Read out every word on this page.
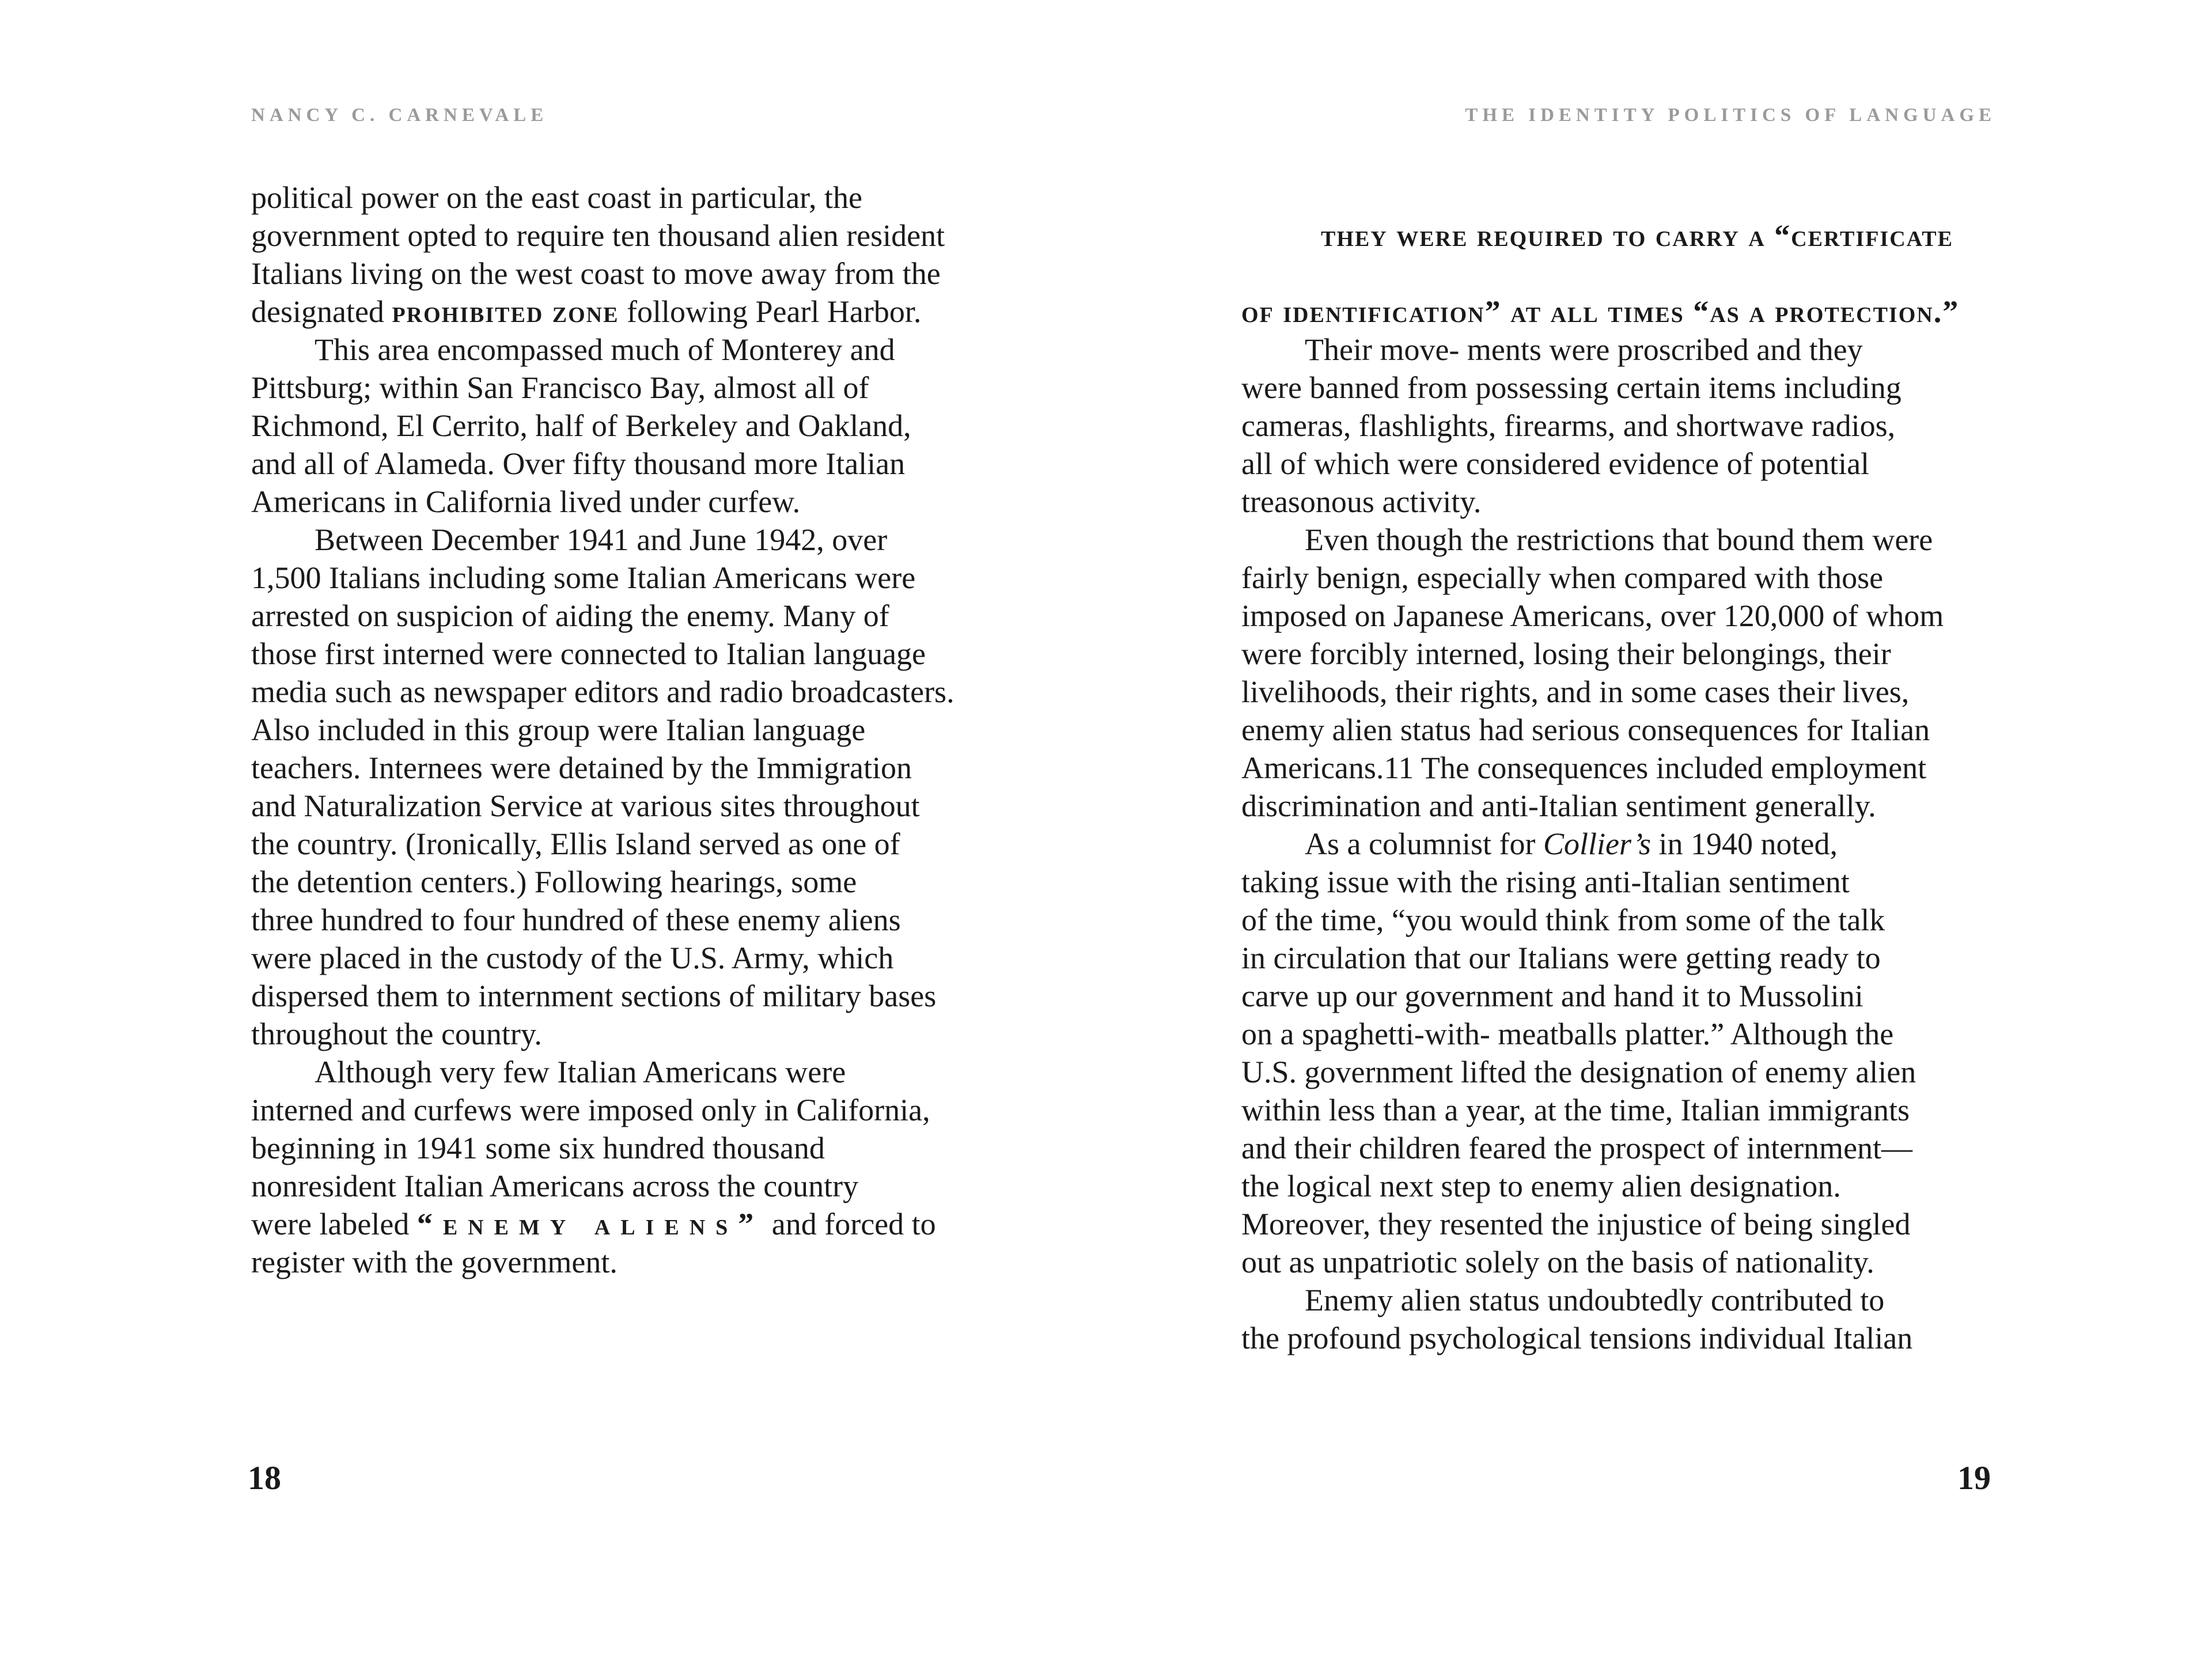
NANCY C. CARNEVALE	THE IDENTITY POLITICS OF LANGUAGE

political power on the east coast in particular, the
government opted to require ten thousand alien resident
Italians living on the west coast to move away from the
designated prohibited zone following Pearl Harbor.

This area encompassed much of Monterey and
Pittsburg; within San Francisco Bay, almost all of
Richmond, El Cerrito, half of Berkeley and Oakland,
and all of Alameda. Over fifty thousand more Italian
Americans in California lived under curfew.

Between December 1941 and June 1942, over
1,500 Italians including some Italian Americans were
arrested on suspicion of aiding the enemy. Many of
those first interned were connected to Italian language
media such as newspaper editors and radio broadcasters.
Also included in this group were Italian language
teachers. Internees were detained by the Immigration
and Naturalization Service at various sites throughout
the country. (Ironically, Ellis Island served as one of
the detention centers.) Following hearings, some
three hundred to four hundred of these enemy aliens
were placed in the custody of the U.S. Army, which
dispersed them to internment sections of military bases
throughout the country.

Although very few Italian Americans were
interned and curfews were imposed only in California,
beginning in 1941 some six hundred thousand
nonresident Italian Americans across the country
were labeled “enemy aliens” and forced to
register with the government.

they were required to carry a “certificate

of identification” at all times “as a protection.”

Their move- ments were proscribed and they
were banned from possessing certain items including
cameras, flashlights, firearms, and shortwave radios,
all of which were considered evidence of potential
treasonous activity.

Even though the restrictions that bound them were
fairly benign, especially when compared with those
imposed on Japanese Americans, over 120,000 of whom
were forcibly interned, losing their belongings, their
livelihoods, their rights, and in some cases their lives,
enemy alien status had serious consequences for Italian
Americans.11 The consequences included employment
discrimination and anti-Italian sentiment generally.

As a columnist for Collier’s in 1940 noted,
taking issue with the rising anti-Italian sentiment
of the time, “you would think from some of the talk
in circulation that our Italians were getting ready to
carve up our government and hand it to Mussolini
on a spaghetti-with- meatballs platter.” Although the
U.S. government lifted the designation of enemy alien
within less than a year, at the time, Italian immigrants
and their children feared the prospect of internment—
the logical next step to enemy alien designation.
Moreover, they resented the injustice of being singled
out as unpatriotic solely on the basis of nationality.

Enemy alien status undoubtedly contributed to
the profound psychological tensions individual Italian

18	19
